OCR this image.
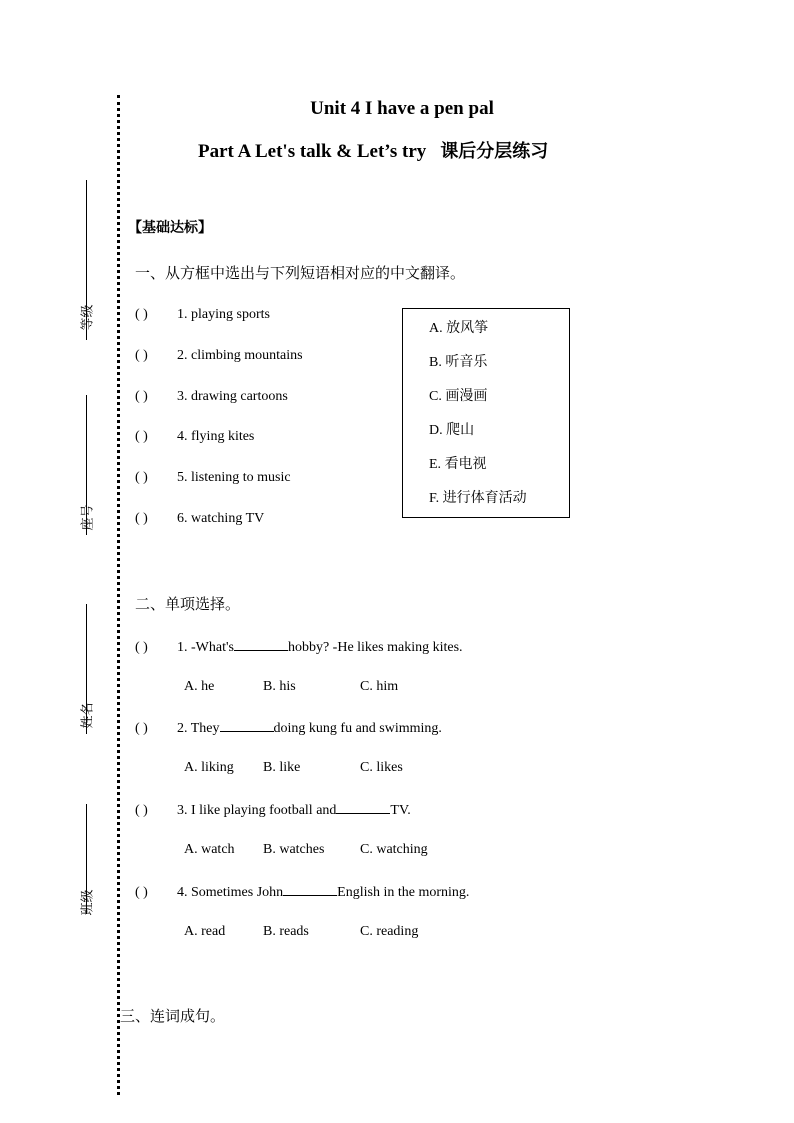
等级
座号
姓名
班级
Unit 4 I have a pen pal
Part A Let's talk & Let’s try 课后分层练习
【基础达标】
一、从方框中选出与下列短语相对应的中文翻译。
( ) 1. playing sports
( ) 2. climbing mountains
( ) 3. drawing cartoons
( ) 4. flying kites
( ) 5. listening to music
( ) 6. watching TV
A. 放风筝
B. 听音乐
C. 画漫画
D. 爬山
E. 看电视
F. 进行体育活动
二、单项选择。
( ) 1. -What's	hobby? -He likes making kites.
A. he	B. his	C. him
( ) 2. They	doing kung fu and swimming.
A. liking B. like	C. likes
( ) 3. I like playing football and	TV.
A. watch B. watches	C. watching
( ) 4. Sometimes John	English in the morning.
A. read	B. reads	C. reading
三、连词成句。
